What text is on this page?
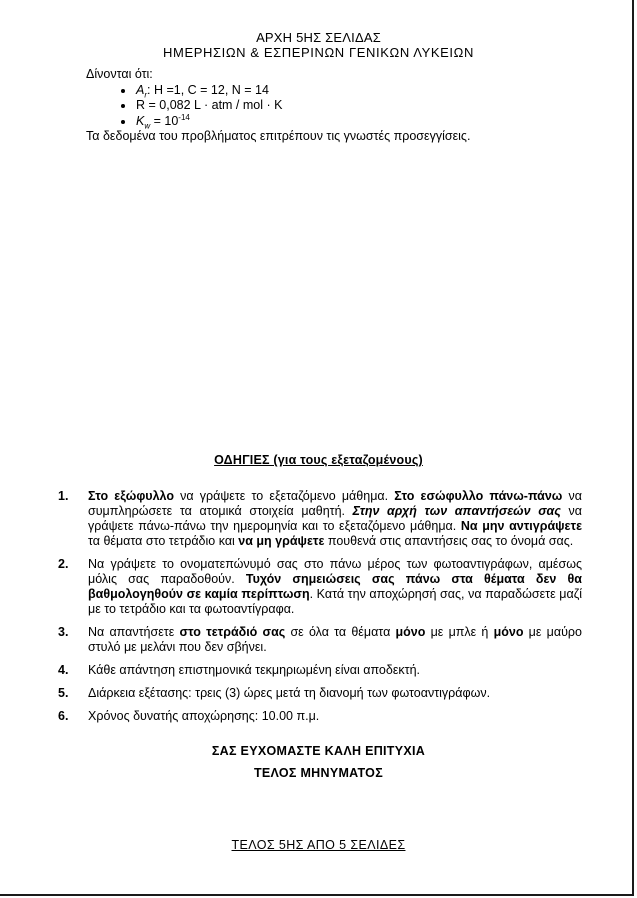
ΑΡΧΗ 5ΗΣ ΣΕΛΙΔΑΣ
ΗΜΕΡΗΣΙΩΝ & ΕΣΠΕΡΙΝΩΝ ΓΕΝΙΚΩΝ ΛΥΚΕΙΩΝ
Δίνονται ότι:
$A_r$: H =1, C = 12, N = 14
R = 0,082 L · atm / mol · K
$K_w = 10^{-14}$
Τα δεδομένα του προβλήματος επιτρέπουν τις γνωστές προσεγγίσεις.
ΟΔΗΓΙΕΣ (για τους εξεταζομένους)
1.	Στο εξώφυλλο να γράψετε το εξεταζόμενο μάθημα. Στο εσώφυλλο πάνω-πάνω να συμπληρώσετε τα ατομικά στοιχεία μαθητή. Στην αρχή των απαντήσεών σας να γράψετε πάνω-πάνω την ημερομηνία και το εξεταζόμενο μάθημα. Να μην αντιγράψετε τα θέματα στο τετράδιο και να μη γράψετε πουθενά στις απαντήσεις σας το όνομά σας.
2.	Να γράψετε το ονοματεπώνυμό σας στο πάνω μέρος των φωτοαντιγράφων, αμέσως μόλις σας παραδοθούν. Τυχόν σημειώσεις σας πάνω στα θέματα δεν θα βαθμολογηθούν σε καμία περίπτωση. Κατά την αποχώρησή σας, να παραδώσετε μαζί με το τετράδιο και τα φωτοαντίγραφα.
3.	Να απαντήσετε στο τετράδιό σας σε όλα τα θέματα μόνο με μπλε ή μόνο με μαύρο στυλό με μελάνι που δεν σβήνει.
4.	Κάθε απάντηση επιστημονικά τεκμηριωμένη είναι αποδεκτή.
5.	Διάρκεια εξέτασης: τρεις (3) ώρες μετά τη διανομή των φωτοαντιγράφων.
6.	Χρόνος δυνατής αποχώρησης: 10.00 π.μ.
ΣΑΣ ΕΥΧΟΜΑΣΤΕ ΚΑΛΗ ΕΠΙΤΥΧΙΑ
ΤΕΛΟΣ ΜΗΝΥΜΑΤΟΣ
ΤΕΛΟΣ 5ΗΣ ΑΠΟ 5 ΣΕΛΙΔΕΣ
